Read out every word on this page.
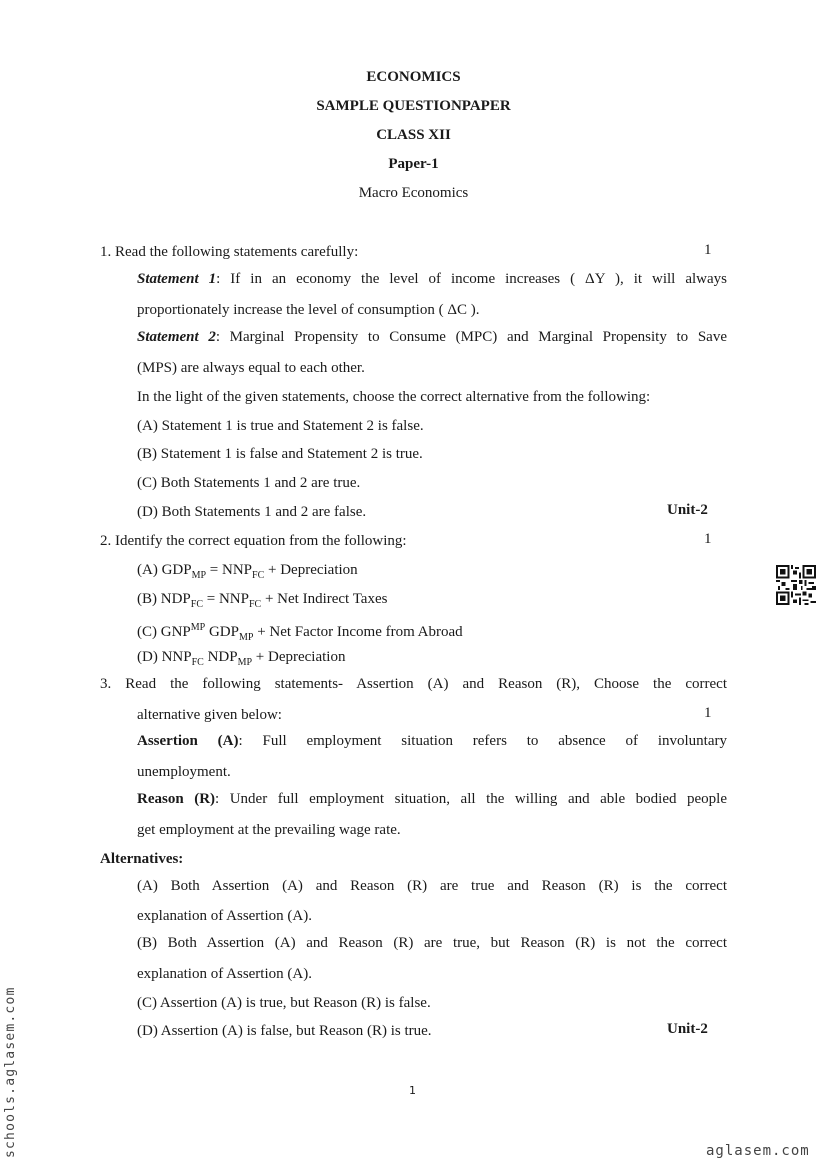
ECONOMICS
SAMPLE QUESTIONPAPER
CLASS XII
Paper-1
Macro Economics
1. Read the following statements carefully:	1
Statement 1: If in an economy the level of income increases ( ΔY ), it will always
proportionately increase the level of consumption ( ΔC ).
Statement 2: Marginal Propensity to Consume (MPC) and Marginal Propensity to Save
(MPS) are always equal to each other.
In the light of the given statements, choose the correct alternative from the following:
(A) Statement 1 is true and Statement 2 is false.
(B) Statement 1 is false and Statement 2 is true.
(C) Both Statements 1 and 2 are true.
(D) Both Statements 1 and 2 are false.	Unit-2
2. Identify the correct equation from the following:	1
(A) $GDP_{MP} = NNP_{FC}$ + Depreciation
(B) $NDP_{FC} = NNP_{FC}$ + Net Indirect Taxes
(C) $GNP^{MP}$ $GDP_{MP}$ + Net Factor Income from Abroad
(D) $NNP_{FC}$ $NDP_{MP}$ + Depreciation
3. Read the following statements- Assertion (A) and Reason (R), Choose the correct
alternative given below:	1
Assertion (A): Full employment situation refers to absence of involuntary
unemployment.
Reason (R): Under full employment situation, all the willing and able bodied people
get employment at the prevailing wage rate.
Alternatives:
(A) Both Assertion (A) and Reason (R) are true and Reason (R) is the correct
explanation of Assertion (A).
(B) Both Assertion (A) and Reason (R) are true, but Reason (R) is not the correct
explanation of Assertion (A).
(C) Assertion (A) is true, but Reason (R) is false.
(D) Assertion (A) is false, but Reason (R) is true.	Unit-2
1
schools.aglasem.com	aglasem.com
